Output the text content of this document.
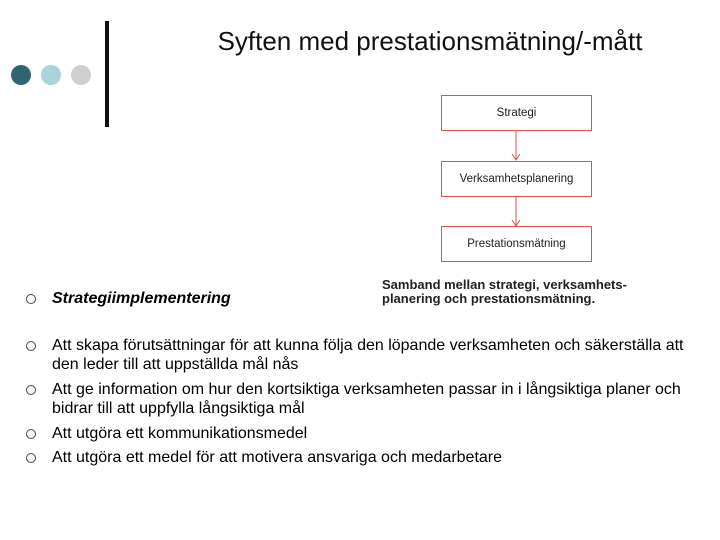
Syften med prestationsmätning/-mått
Strategi
Verksamhetsplanering
Prestationsmätning
Samband mellan strategi, verksamhets-planering och prestationsmätning.
Strategiimplementering
Att skapa förutsättningar för att kunna följa den löpande verksamheten och säkerställa att den leder till att uppställda mål nås
Att ge information om hur den kortsiktiga verksamheten passar in i långsiktiga planer och bidrar till att uppfylla långsiktiga mål
Att utgöra ett kommunikationsmedel
Att utgöra ett medel för att motivera ansvariga och medarbetare
